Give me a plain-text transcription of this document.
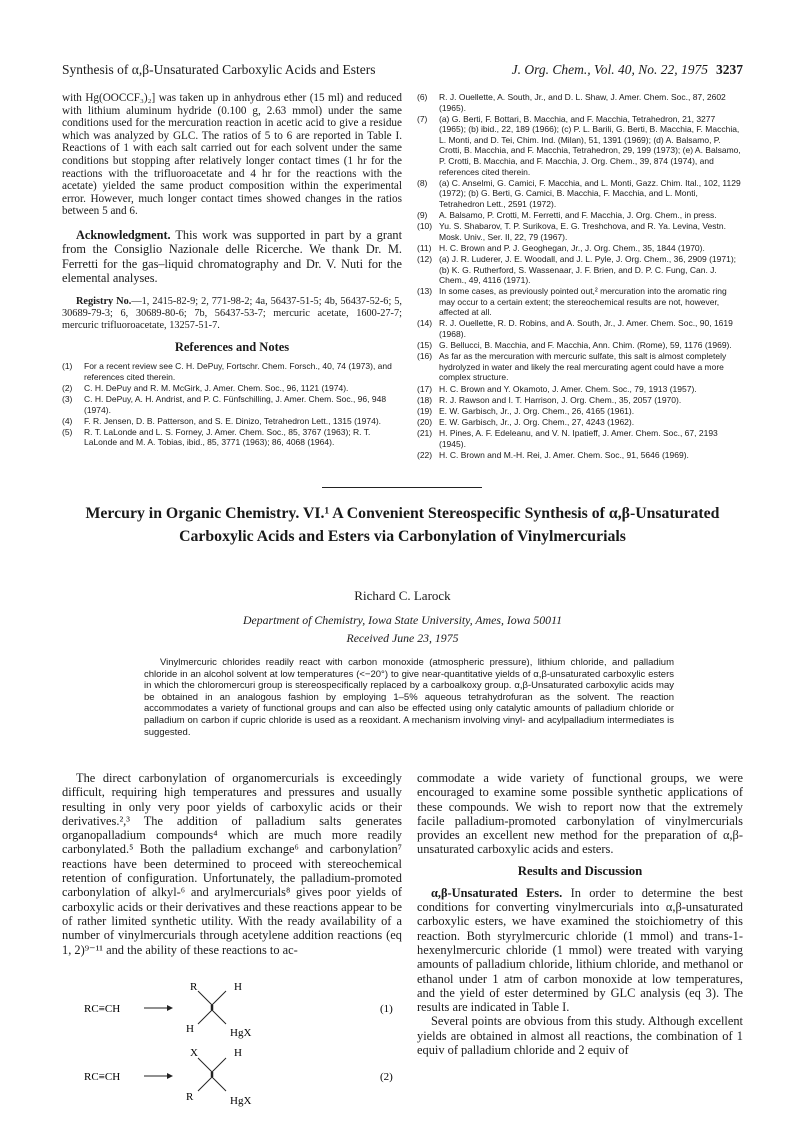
Synthesis of α,β-Unsaturated Carboxylic Acids and Esters	J. Org. Chem., Vol. 40, No. 22, 1975 3237

with Hg(OOCCF₃)₂] was taken up in anhydrous ether (15 ml) and reduced with lithium aluminum hydride (0.100 g, 2.63 mmol) under the same conditions used for the mercuration reaction in acetic acid to give a residue which was analyzed by GLC. The ratios of 5 to 6 are reported in Table I. Reactions of 1 with each salt carried out for each solvent under the same conditions but stopping after relatively longer contact times (1 hr for the reactions with the trifluoroacetate and 4 hr for the reactions with the acetate) yielded the same product composition within the experimental error. However, much longer contact times showed changes in the ratios between 5 and 6.

Acknowledgment. This work was supported in part by a grant from the Consiglio Nazionale delle Ricerche. We thank Dr. M. Ferretti for the gas–liquid chromatography and Dr. V. Nuti for the elemental analyses.

Registry No.—1, 2415-82-9; 2, 771-98-2; 4a, 56437-51-5; 4b, 56437-52-6; 5, 30689-79-3; 6, 30689-80-6; 7b, 56437-53-7; mercuric acetate, 1600-27-7; mercuric trifluoroacetate, 13257-51-7.

References and Notes
(1) For a recent review see C. H. DePuy, Fortschr. Chem. Forsch., 40, 74 (1973), and references cited therein.
(2) C. H. DePuy and R. M. McGirk, J. Amer. Chem. Soc., 96, 1121 (1974).
(3) C. H. DePuy, A. H. Andrist, and P. C. Fünfschilling, J. Amer. Chem. Soc., 96, 948 (1974).
(4) F. R. Jensen, D. B. Patterson, and S. E. Dinizo, Tetrahedron Lett., 1315 (1974).
(5) R. T. LaLonde and L. S. Forney, J. Amer. Chem. Soc., 85, 3767 (1963); R. T. LaLonde and M. A. Tobias, ibid., 85, 3771 (1963); 86, 4068 (1964).
(6) R. J. Ouellette, A. South, Jr., and D. L. Shaw, J. Amer. Chem. Soc., 87, 2602 (1965).
(7) (a) G. Berti, F. Bottari, B. Macchia, and F. Macchia, Tetrahedron, 21, 3277 (1965); (b) ibid., 22, 189 (1966); (c) P. L. Barili, G. Berti, B. Macchia, F. Macchia, L. Monti, and D. Tei, Chim. Ind. (Milan), 51, 1391 (1969); (d) A. Balsamo, P. Crotti, B. Macchia, and F. Macchia, Tetrahedron, 29, 199 (1973); (e) A. Balsamo, P. Crotti, B. Macchia, and F. Macchia, J. Org. Chem., 39, 874 (1974), and references cited therein.
(8) (a) C. Anselmi, G. Camici, F. Macchia, and L. Monti, Gazz. Chim. Ital., 102, 1129 (1972); (b) G. Berti, G. Camici, B. Macchia, F. Macchia, and L. Monti, Tetrahedron Lett., 2591 (1972).
(9) A. Balsamo, P. Crotti, M. Ferretti, and F. Macchia, J. Org. Chem., in press.
(10) Yu. S. Shabarov, T. P. Surikova, E. G. Treshchova, and R. Ya. Levina, Vestn. Mosk. Univ., Ser. II, 22, 79 (1967).
(11) H. C. Brown and P. J. Geoghegan, Jr., J. Org. Chem., 35, 1844 (1970).
(12) (a) J. R. Luderer, J. E. Woodall, and J. L. Pyle, J. Org. Chem., 36, 2909 (1971); (b) K. G. Rutherford, S. Wassenaar, J. F. Brien, and D. P. C. Fung, Can. J. Chem., 49, 4116 (1971).
(13) In some cases, as previously pointed out,² mercuration into the aromatic ring may occur to a certain extent; the stereochemical results are not, however, affected at all.
(14) R. J. Ouellette, R. D. Robins, and A. South, Jr., J. Amer. Chem. Soc., 90, 1619 (1968).
(15) G. Bellucci, B. Macchia, and F. Macchia, Ann. Chim. (Rome), 59, 1176 (1969).
(16) As far as the mercuration with mercuric sulfate, this salt is almost completely hydrolyzed in water and likely the real mercurating agent could have a more complex structure.
(17) H. C. Brown and Y. Okamoto, J. Amer. Chem. Soc., 79, 1913 (1957).
(18) R. J. Rawson and I. T. Harrison, J. Org. Chem., 35, 2057 (1970).
(19) E. W. Garbisch, Jr., J. Org. Chem., 26, 4165 (1961).
(20) E. W. Garbisch, Jr., J. Org. Chem., 27, 4243 (1962).
(21) H. Pines, A. F. Edeleanu, and V. N. Ipatieff, J. Amer. Chem. Soc., 67, 2193 (1945).
(22) H. C. Brown and M.-H. Rei, J. Amer. Chem. Soc., 91, 5646 (1969).
Mercury in Organic Chemistry. VI.¹ A Convenient Stereospecific Synthesis of α,β-Unsaturated Carboxylic Acids and Esters via Carbonylation of Vinylmercurials
Richard C. Larock
Department of Chemistry, Iowa State University, Ames, Iowa 50011
Received June 23, 1975

Vinylmercuric chlorides readily react with carbon monoxide (atmospheric pressure), lithium chloride, and palladium chloride in an alcohol solvent at low temperatures (<−20°) to give near-quantitative yields of α,β-unsaturated carboxylic esters in which the chloromercuri group is stereospecifically replaced by a carboalkoxy group. α,β-Unsaturated carboxylic acids may be obtained in an analogous fashion by employing 1–5% aqueous tetrahydrofuran as the solvent. The reaction accommodates a variety of functional groups and can also be effected using only catalytic amounts of palladium chloride or palladium on carbon if cupric chloride is used as a reoxidant. A mechanism involving vinyl- and acylpalladium intermediates is suggested.

The direct carbonylation of organomercurials is exceedingly difficult, requiring high temperatures and pressures and usually resulting in only very poor yields of carboxylic acids or their derivatives.²,³ The addition of palladium salts generates organopalladium compounds⁴ which are much more readily carbonylated.⁵ Both the palladium exchange⁶ and carbonylation⁷ reactions have been determined to proceed with stereochemical retention of configuration. Unfortunately, the palladium-promoted carbonylation of alkyl-⁶ and arylmercurials⁸ gives poor yields of carboxylic acids or their derivatives and these reactions appear to be of rather limited synthetic utility. With the ready availability of a number of vinylmercurials through acetylene addition reactions (eq 1, 2)⁹⁻¹¹ and the ability of these reactions to ac-

RC≡CH
R	H
H	HgX
(1)
RC≡CH
X	H
R	HgX
(2)

commodate a wide variety of functional groups, we were encouraged to examine some possible synthetic applications of these compounds. We wish to report now that the extremely facile palladium-promoted carbonylation of vinylmercurials provides an excellent new method for the preparation of α,β-unsaturated carboxylic acids and esters.

Results and Discussion

α,β-Unsaturated Esters. In order to determine the best conditions for converting vinylmercurials into α,β-unsaturated carboxylic esters, we have examined the stoichiometry of this reaction. Both styrylmercuric chloride (1 mmol) and trans-1-hexenylmercuric chloride (1 mmol) were treated with varying amounts of palladium chloride, lithium chloride, and methanol or ethanol under 1 atm of carbon monoxide at low temperatures, and the yield of ester determined by GLC analysis (eq 3). The results are indicated in Table I.

Several points are obvious from this study. Although excellent yields are obtained in almost all reactions, the combination of 1 equiv of palladium chloride and 2 equiv of
